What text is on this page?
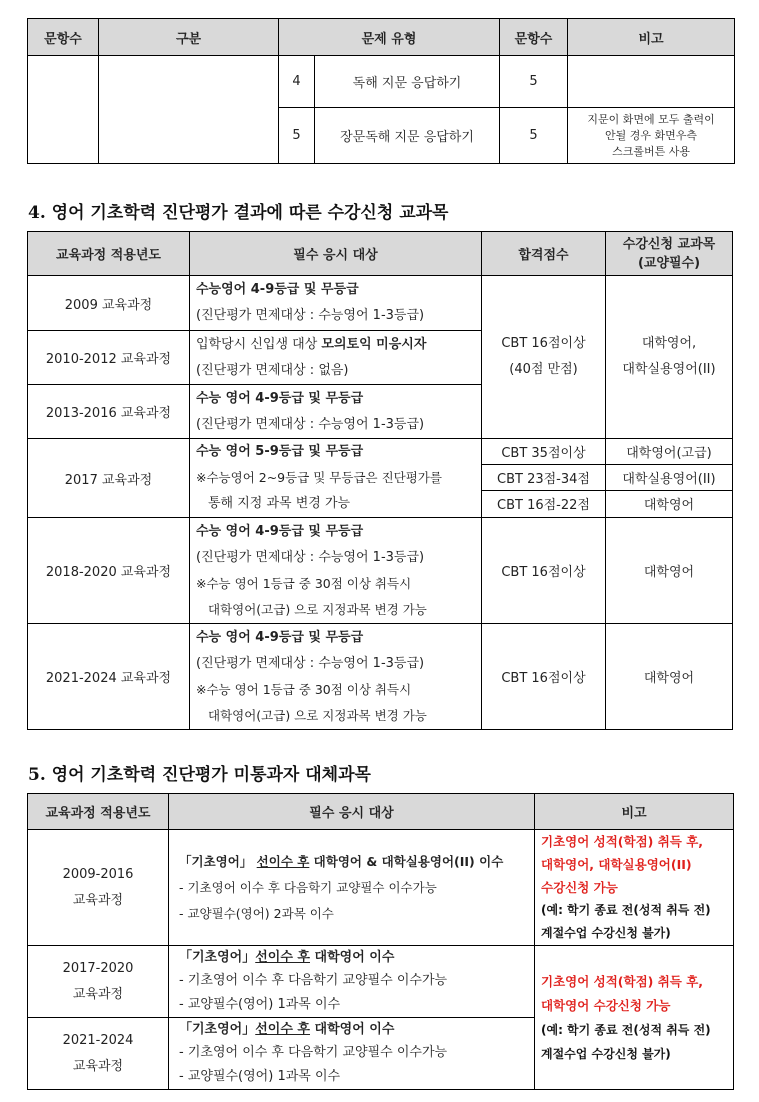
문항수	구분	문제 유형		문항수	비고
		4	독해 지문 응답하기	5	
		5	장문독해 지문 응답하기	5	지문이 화면에 모두 출력이
안될 경우 화면우측
스크롤버튼 사용
4. 영어 기초학력 진단평가 결과에 따른 수강신청 교과목
교육과정 적용년도	필수 응시 대상	합격점수	수강신청 교과목
(교양필수)

2009 교육과정	수능영어 4-9등급 및 무등급
(진단평가 면제대상 : 수능영어 1-3등급)	CBT 16점이상
(40점 만점)	대학영어,
대학실용영어(II)

2010-2012 교육과정	입학당시 신입생 대상 모의토익 미응시자
(진단평가 면제대상 : 없음)		

2013-2016 교육과정	수능 영어 4-9등급 및 무등급
(진단평가 면제대상 : 수능영어 1-3등급)		

2017 교육과정	수능 영어 5-9등급 및 무등급
※수능영어 2~9등급 및 무등급은 진단평가를
통해 지정 과목 변경 가능	CBT 35점이상	대학영어(고급)
		CBT 23점-34점	대학실용영어(II)
		CBT 16점-22점	대학영어
2018-2020 교육과정	수능 영어 4-9등급 및 무등급
(진단평가 면제대상 : 수능영어 1-3등급)
※수능 영어 1등급 중 30점 이상 취득시
대학영어(고급) 으로 지정과목 변경 가능	CBT 16점이상	대학영어
2021-2024 교육과정	수능 영어 4-9등급 및 무등급
(진단평가 면제대상 : 수능영어 1-3등급)
※수능 영어 1등급 중 30점 이상 취득시
대학영어(고급) 으로 지정과목 변경 가능	CBT 16점이상	대학영어
5. 영어 기초학력 진단평가 미통과자 대체과목
교육과정 적용년도	필수 응시 대상	비고

2009-2016
교육과정	「기초영어」 선이수 후 대학영어 & 대학실용영어(II) 이수
- 기초영어 이수 후 다음학기 교양필수 이수가능
- 교양필수(영어) 2과목 이수	기초영어 성적(학점) 취득 후,
대학영어, 대학실용영어(II)
수강신청 가능
(예: 학기 종료 전(성적 취득 전)
계절수업 수강신청 불가)

2017-2020
교육과정	「기초영어」선이수 후 대학영어 이수
- 기초영어 이수 후 다음학기 교양필수 이수가능
- 교양필수(영어) 1과목 이수	기초영어 성적(학점) 취득 후,
대학영어 수강신청 가능
(예: 학기 종료 전(성적 취득 전)
계절수업 수강신청 불가)

2021-2024
교육과정	「기초영어」선이수 후 대학영어 이수
- 기초영어 이수 후 다음학기 교양필수 이수가능
- 교양필수(영어) 1과목 이수	
